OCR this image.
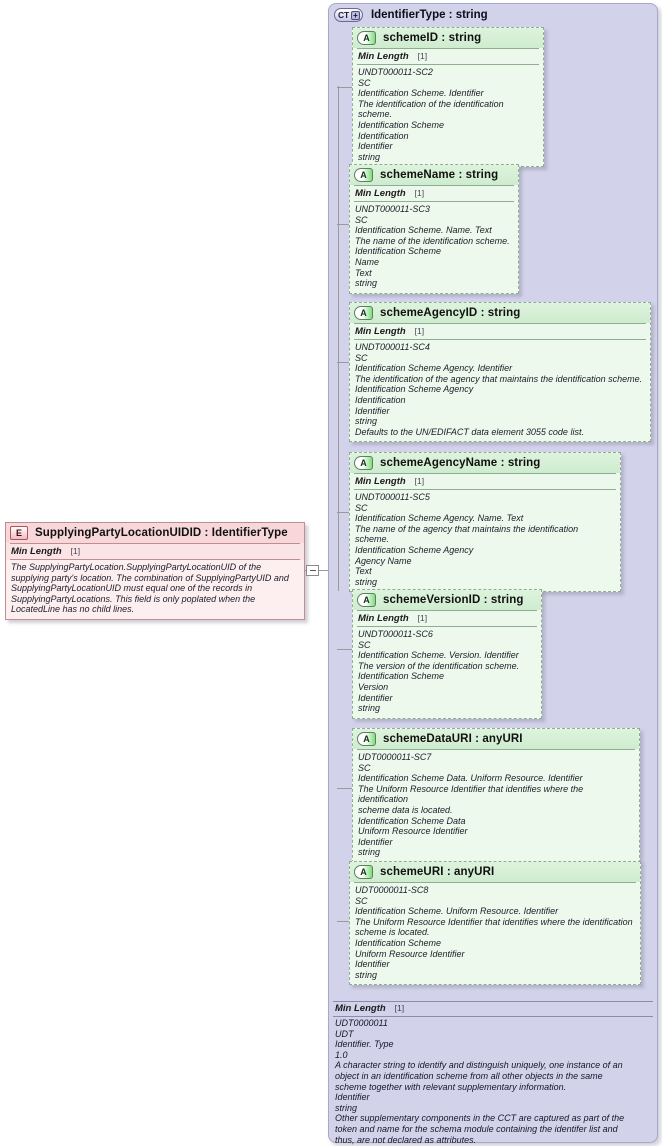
E	SupplyingPartyLocationUIDID : IdentifierType
Min Length [1]
The SupplyingPartyLocation.SupplyingPartyLocationUID of the supplying party's location. The combination of SupplyingPartyUID and SupplyingPartyLocationUID must equal one of the records in SupplyingPartyLocations. This field is only poplated when the LocatedLine has no child lines.
CT + IdentifierType : string
Min Length [1]
UDT0000011
UDT
Identifier. Type
1.0
A character string to identify and distinguish uniquely, one instance of an
object in an identification scheme from all other objects in the same
scheme together with relevant supplementary information.
Identifier
string
Other supplementary components in the CCT are captured as part of the
token and name for the schema module containing the identifer list and
thus, are not declared as attributes.
A	schemeID : string
Min Length [1]
UNDT000011-SC2
SC
Identification Scheme. Identifier
The identification of the identification scheme.
Identification Scheme
Identification
Identifier
string
A	schemeName : string
Min Length [1]
UNDT000011-SC3
SC
Identification Scheme. Name. Text
The name of the identification scheme.
Identification Scheme
Name
Text
string
A	schemeAgencyID : string
Min Length [1]
UNDT000011-SC4
SC
Identification Scheme Agency. Identifier
The identification of the agency that maintains the identification scheme.
Identification Scheme Agency
Identification
Identifier
string
Defaults to the UN/EDIFACT data element 3055 code list.
A	schemeAgencyName : string
Min Length [1]
UNDT000011-SC5
SC
Identification Scheme Agency. Name. Text
The name of the agency that maintains the identification scheme.
Identification Scheme Agency
Agency Name
Text
string
A	schemeVersionID : string
Min Length [1]
UNDT000011-SC6
SC
Identification Scheme. Version. Identifier
The version of the identification scheme.
Identification Scheme
Version
Identifier
string
A	schemeDataURI : anyURI
UDT0000011-SC7
SC
Identification Scheme Data. Uniform Resource. Identifier
The Uniform Resource Identifier that identifies where the identification
scheme data is located.
Identification Scheme Data
Uniform Resource Identifier
Identifier
string
A	schemeURI : anyURI
UDT0000011-SC8
SC
Identification Scheme. Uniform Resource. Identifier
The Uniform Resource Identifier that identifies where the identification
scheme is located.
Identification Scheme
Uniform Resource Identifier
Identifier
string
